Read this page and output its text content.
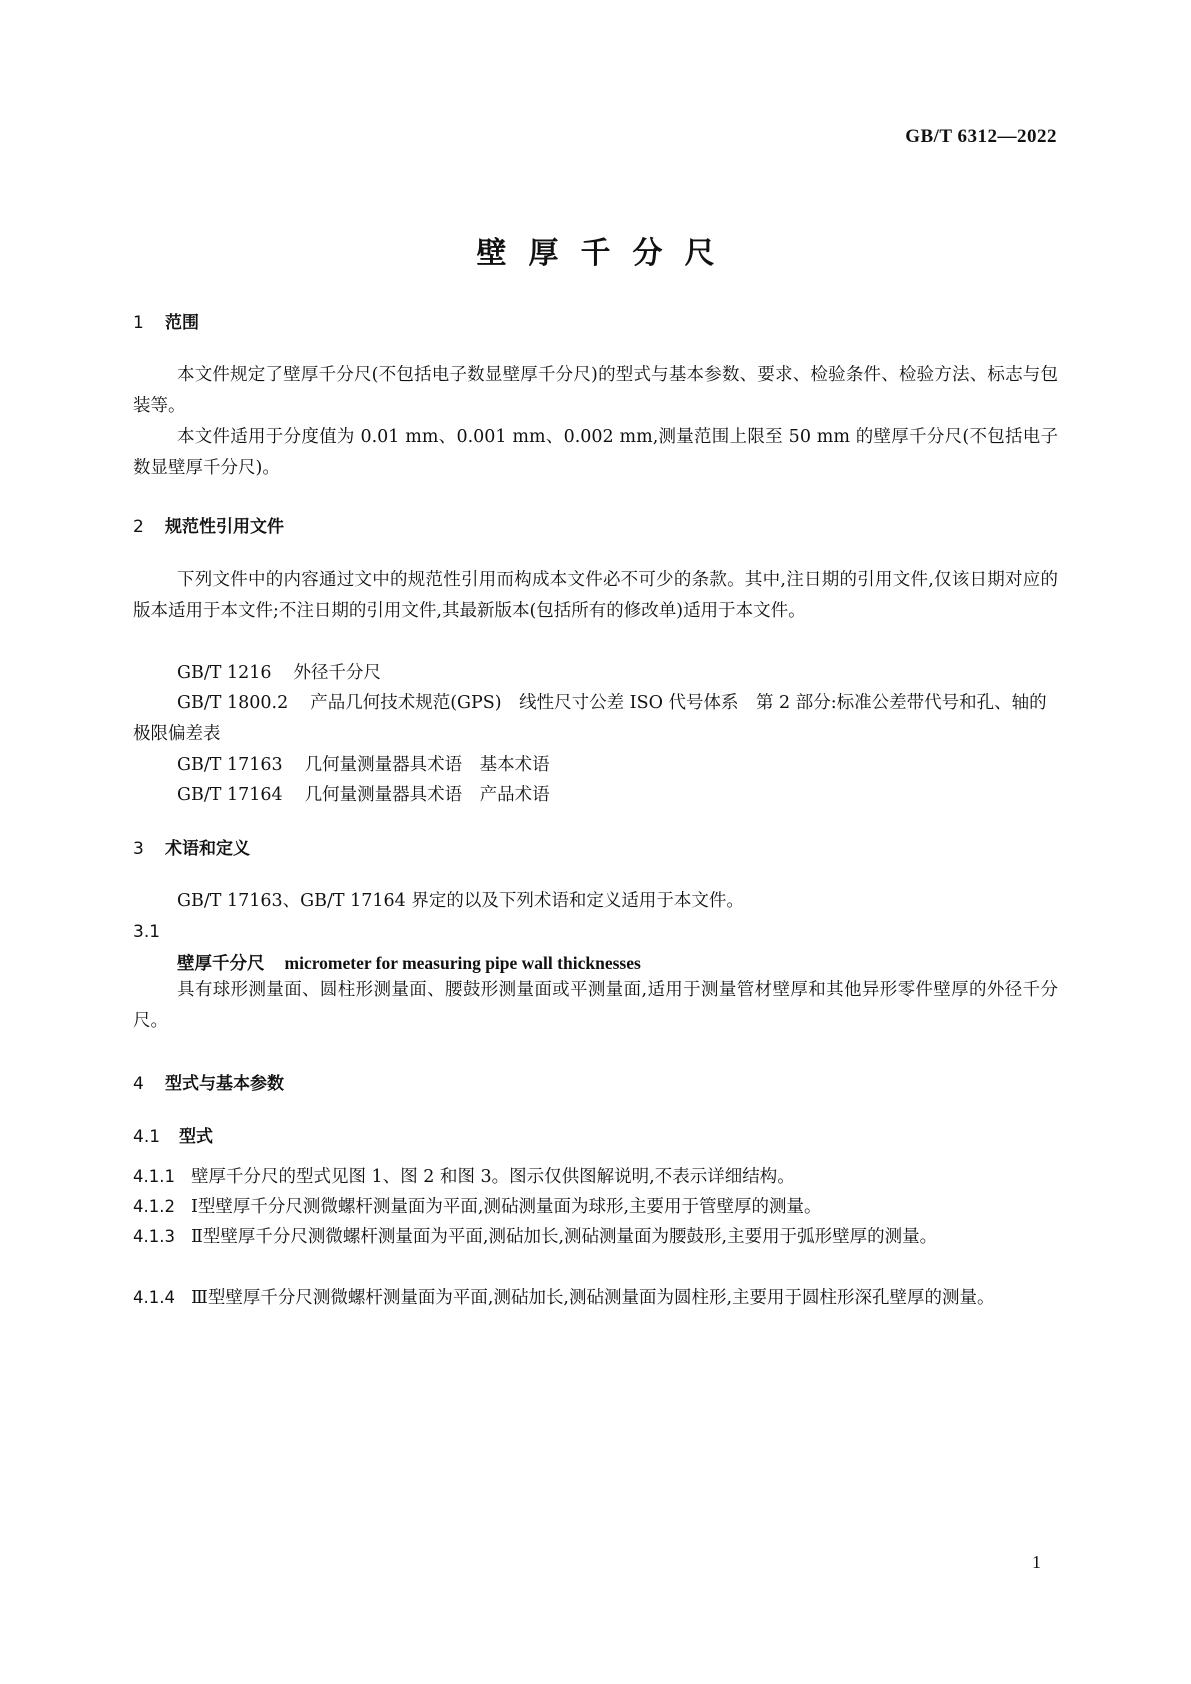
GB/T 6312—2022
壁厚千分尺
1 范围
本文件规定了壁厚千分尺(不包括电子数显壁厚千分尺)的型式与基本参数、要求、检验条件、检验方法、标志与包装等。
本文件适用于分度值为 0.01 mm、0.001 mm、0.002 mm,测量范围上限至 50 mm 的壁厚千分尺(不包括电子数显壁厚千分尺)。
2 规范性引用文件
下列文件中的内容通过文中的规范性引用而构成本文件必不可少的条款。其中,注日期的引用文件,仅该日期对应的版本适用于本文件;不注日期的引用文件,其最新版本(包括所有的修改单)适用于本文件。
GB/T 1216 外径千分尺
GB/T 1800.2 产品几何技术规范(GPS)　线性尺寸公差 ISO 代号体系　第 2 部分:标准公差带代号和孔、轴的极限偏差表
GB/T 17163 几何量测量器具术语　基本术语
GB/T 17164 几何量测量器具术语　产品术语
3 术语和定义
GB/T 17163、GB/T 17164 界定的以及下列术语和定义适用于本文件。
3.1
壁厚千分尺 micrometer for measuring pipe wall thicknesses
具有球形测量面、圆柱形测量面、腰鼓形测量面或平测量面,适用于测量管材壁厚和其他异形零件壁厚的外径千分尺。
4 型式与基本参数
4.1 型式
4.1.1 壁厚千分尺的型式见图 1、图 2 和图 3。图示仅供图解说明,不表示详细结构。
4.1.2 Ⅰ型壁厚千分尺测微螺杆测量面为平面,测砧测量面为球形,主要用于管壁厚的测量。
4.1.3 Ⅱ型壁厚千分尺测微螺杆测量面为平面,测砧加长,测砧测量面为腰鼓形,主要用于弧形壁厚的测量。
4.1.4 Ⅲ型壁厚千分尺测微螺杆测量面为平面,测砧加长,测砧测量面为圆柱形,主要用于圆柱形深孔壁厚的测量。
1
